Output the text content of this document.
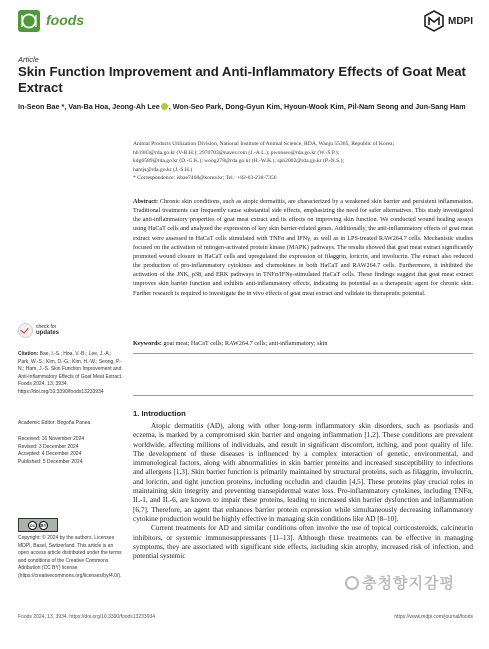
foods	MDPI
Article
Skin Function Improvement and Anti-Inflammatory Effects of Goat Meat Extract
In-Seon Bae *, Van-Ba Hoa, Jeong-Ah Lee , Won-Seo Park, Dong-Gyun Kim, Hyoun-Wook Kim, Pil-Nam Seong and Jun-Sang Ham
Animal Products Utilization Division, National Institute of Animal Science, RDA, Wanju 55365, Republic of Korea;
hb1983@rda.go.kr (V-B.H.); 2970703@naver.com (J.-A.L.); pwonseo@rda.go.kr (W.-S.P.);
kdg6589@rda.go.kr (D.-G.K.); woog278@rda.go.kr (H.-W.K.); spn2002@rda.go.kr (P.-N.S.);
hamjs@rda.go.kr (J.-S.H.)
* Correspondence: isbae7468@korea.kr; Tel.: +82-63-238-7356
Abstract: Chronic skin conditions, such as atopic dermatitis, are characterized by a weakened skin barrier and persistent inflammation. Traditional treatments can frequently cause substantial side effects, emphasizing the need for safer alternatives. This study investigated the anti-inflammatory properties of goat meat extract and its effects on improving skin function. We conducted wound healing assays using HaCaT cells and analyzed the expression of key skin barrier-related genes. Additionally, the anti-inflammatory effects of goat meat extract were assessed in HaCaT cells stimulated with TNFα and IFNγ, as well as in LPS-treated RAW264.7 cells. Mechanistic studies focused on the activation of mitogen-activated protein kinase (MAPK) pathways. The results showed that goat meat extract significantly promoted wound closure in HaCaT cells and upregulated the expression of filaggrin, loricrin, and involucrin. The extract also reduced the production of pro-inflammatory cytokines and chemokines in both HaCaT and RAW264.7 cells. Furthermore, it inhibited the activation of the JNK, p38, and ERK pathways in TNFα/IFNγ-stimulated HaCaT cells. These findings suggest that goat meat extract improves skin barrier function and exhibits anti-inflammatory effects, indicating its potential as a therapeutic agent for chronic skin. Further research is required to investigate the in vivo effects of goat meat extract and validate its therapeutic potential.
Keywords: goat meat; HaCaT cells; RAW264.7 cells; anti-inflammatory; skin
check for
updates
Citation: Bae, I.-S.; Hoa, V.-B.; Lee, J.-A.; Park, W.-S.; Kim, D.-G.; Kim, H.-W.; Seong, P.-N.; Ham, J.-S. Skin Function Improvement and Anti-Inflammatory Effects of Goat Meat Extract. Foods 2024, 13, 3934.
https://doi.org/10.3390/foods13233934
Academic Editor: Begoña Panea
Received: 16 November 2024
Revised: 3 December 2024
Accepted: 4 December 2024
Published: 5 December 2024
cc	BY
Copyright: © 2024 by the authors. Licensee MDPI, Basel, Switzerland. This article is an open access article distributed under the terms and conditions of the Creative Commons Attribution (CC BY) license (https://creativecommons.org/licenses/by/4.0/).
1. Introduction

Atopic dermatitis (AD), along with other long-term inflammatory skin disorders, such as psoriasis and eczema, is marked by a compromised skin barrier and ongoing inflammation [1,2]. These conditions are prevalent worldwide, affecting millions of individuals, and result in significant discomfort, itching, and poor quality of life. The development of these diseases is influenced by a complex interaction of genetic, environmental, and immunological factors, along with abnormalities in skin barrier proteins and increased susceptibility to infections and allergens [1,3]. Skin barrier function is primarily maintained by structural proteins, such as filaggrin, involucrin, and loricrin, and tight junction proteins, including occludin and claudin [4,5]. These proteins play crucial roles in maintaining skin integrity and preventing transepidermal water loss. Pro-inflammatory cytokines, including TNFα, IL-1, and IL-6, are known to impair these proteins, leading to increased skin barrier dysfunction and inflammation [6,7]. Therefore, an agent that enhances barrier protein expression while simultaneously decreasing inflammatory cytokine production would be highly effective in managing skin conditions like AD [8–10].

Current treatments for AD and similar conditions often involve the use of topical corticosteroids, calcineurin inhibitors, or systemic immunosuppressants [11–13]. Although these treatments can be effective in managing symptoms, they are associated with significant side effects, including skin atrophy, increased risk of infection, and potential systemic

충청향지감평
Foods 2024, 13, 3934. https://doi.org/10.3390/foods13233934	https://www.mdpi.com/journal/foods
